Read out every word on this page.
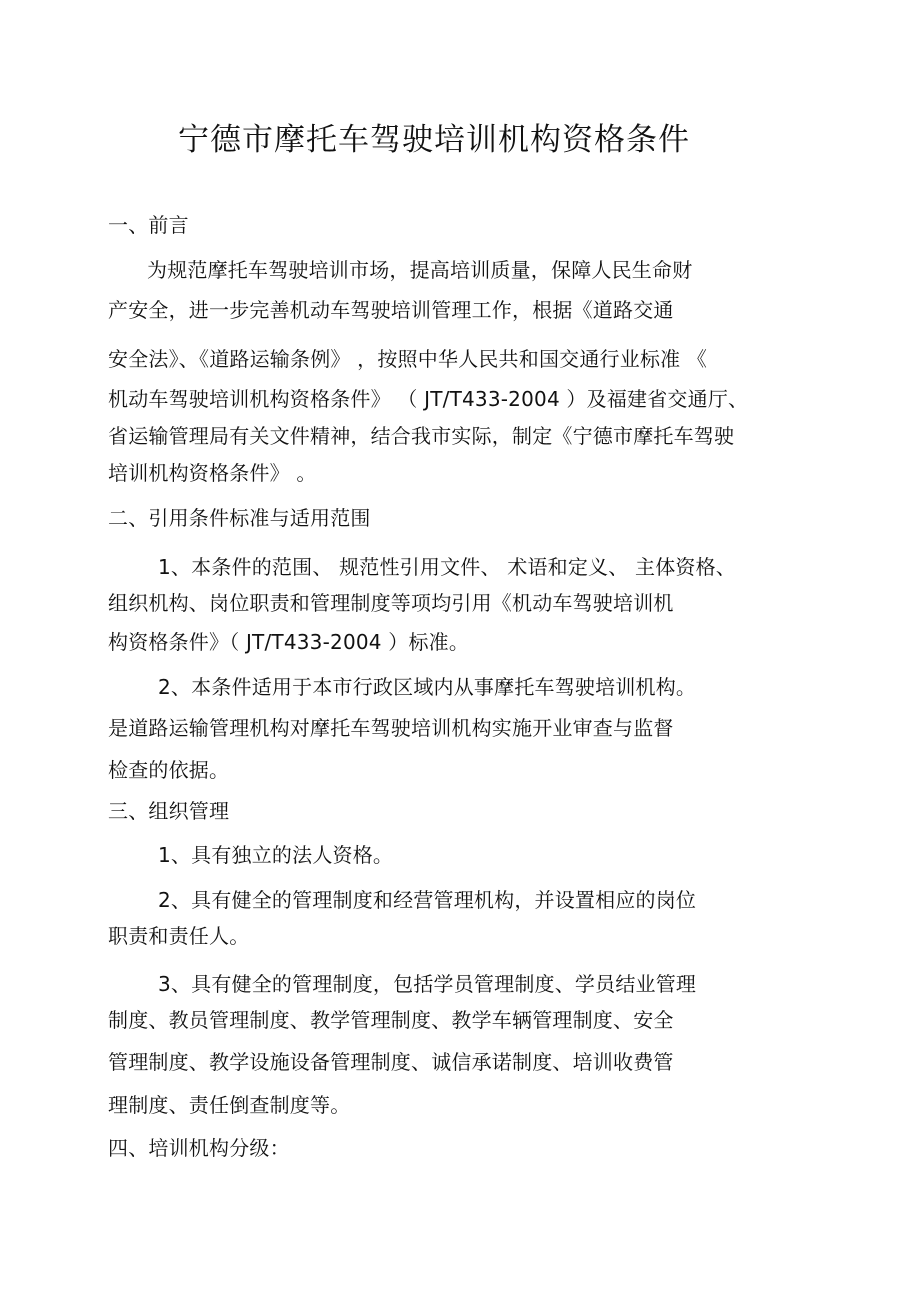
宁德市摩托车驾驶培训机构资格条件
一、前言
为规范摩托车驾驶培训市场，提高培训质量，保障人民生命财
产安全，进一步完善机动车驾驶培训管理工作，根据《道路交通
安全法》、《道路运输条例》 ，按照中华人民共和国交通行业标准 《
机动车驾驶培训机构资格条件》 （ JT/T433-2004 ）及福建省交通厅、
省运输管理局有关文件精神，结合我市实际，制定《宁德市摩托车驾驶
培训机构资格条件》 。
二、引用条件标准与适用范围
1、本条件的范围、 规范性引用文件、 术语和定义、 主体资格、
组织机构、岗位职责和管理制度等项均引用《机动车驾驶培训机
构资格条件》（ JT/T433-2004 ）标准。
2、本条件适用于本市行政区域内从事摩托车驾驶培训机构。
是道路运输管理机构对摩托车驾驶培训机构实施开业审查与监督
检查的依据。
三、组织管理
1、具有独立的法人资格。
2、具有健全的管理制度和经营管理机构，并设置相应的岗位
职责和责任人。
3、具有健全的管理制度，包括学员管理制度、学员结业管理
制度、教员管理制度、教学管理制度、教学车辆管理制度、安全
管理制度、教学设施设备管理制度、诚信承诺制度、培训收费管
理制度、责任倒查制度等。
四、培训机构分级：
